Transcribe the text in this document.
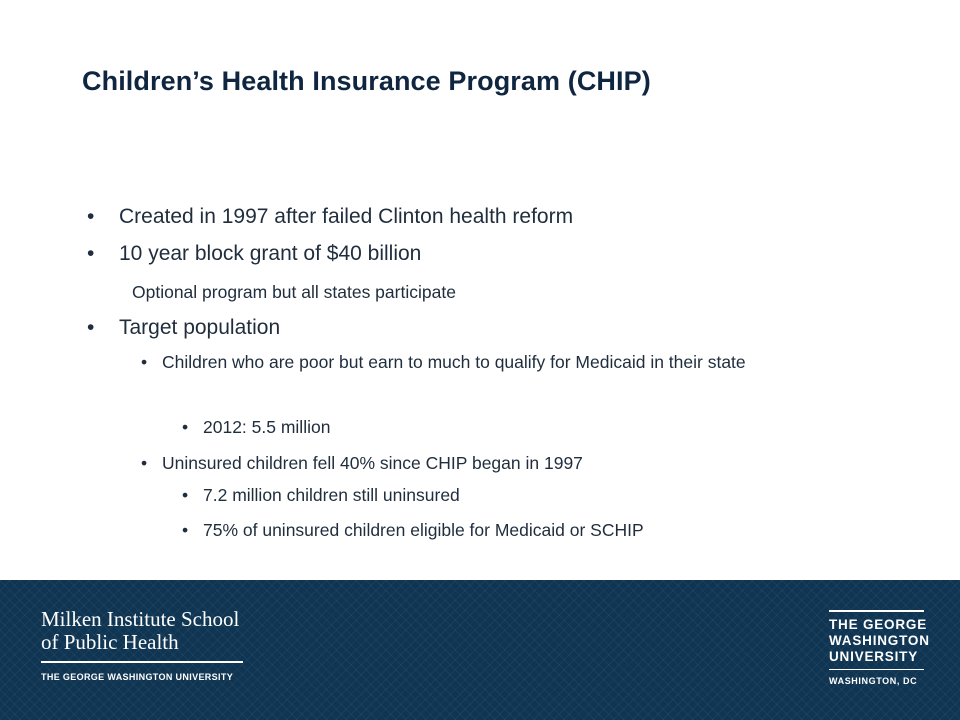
Children’s Health Insurance Program (CHIP)
• Created in 1997 after failed Clinton health reform
• 10 year block grant of $40 billion
Optional program but all states participate
• Target population
• Children who are poor but earn to much to qualify for Medicaid in their state
• 2012: 5.5 million
• Uninsured children fell 40% since CHIP began in 1997
• 7.2 million children still uninsured
• 75% of uninsured children eligible for Medicaid or SCHIP
Milken Institute School
of Public Health
THE GEORGE WASHINGTON UNIVERSITY
THE GEORGE
WASHINGTON
UNIVERSITY
WASHINGTON, DC
